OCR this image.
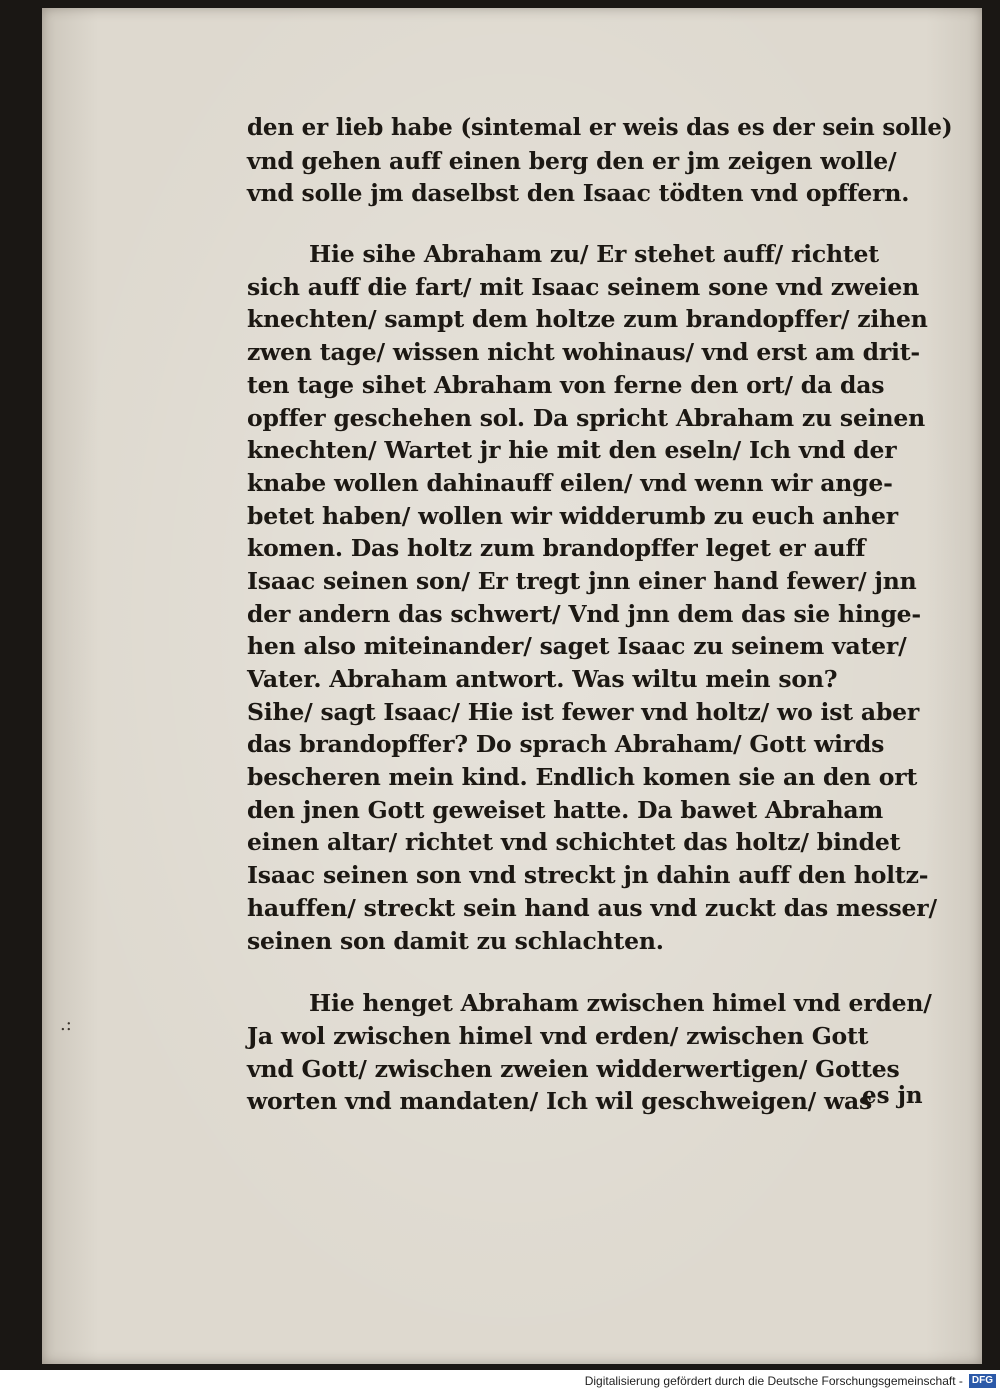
den er lieb habe (sintemal er weis das es der sein solle)
vnd gehen auff einen berg den er jm zeigen wolle/
vnd solle jm daselbst den Isaac tödten vnd opffern.
Hie sihe Abraham zu/ Er stehet auff/ richtet
sich auff die fart/ mit Isaac seinem sone vnd zweien
knechten/ sampt dem holtze zum brandopffer/ zihen
zwen tage/ wissen nicht wohinaus/ vnd erst am drit-
ten tage sihet Abraham von ferne den ort/ da das
opffer geschehen sol. Da spricht Abraham zu seinen
knechten/ Wartet jr hie mit den eseln/ Ich vnd der
knabe wollen dahinauff eilen/ vnd wenn wir ange-
betet haben/ wollen wir widderumb zu euch anher
komen. Das holtz zum brandopffer leget er auff
Isaac seinen son/ Er tregt jnn einer hand fewer/ jnn
der andern das schwert/ Vnd jnn dem das sie hinge-
hen also miteinander/ saget Isaac zu seinem vater/
Vater. Abraham antwort. Was wiltu mein son?
Sihe/ sagt Isaac/ Hie ist fewer vnd holtz/ wo ist aber
das brandopffer? Do sprach Abraham/ Gott wirds
bescheren mein kind. Endlich komen sie an den ort
den jnen Gott geweiset hatte. Da bawet Abraham
einen altar/ richtet vnd schichtet das holtz/ bindet
Isaac seinen son vnd streckt jn dahin auff den holtz-
hauffen/ streckt sein hand aus vnd zuckt das messer/
seinen son damit zu schlachten.
Hie henget Abraham zwischen himel vnd erden/
Ja wol zwischen himel vnd erden/ zwischen Gott
vnd Gott/ zwischen zweien widderwertigen/ Gottes
worten vnd mandaten/ Ich wil geschweigen/ was
es jn
.:
Digitalisierung gefördert durch die Deutsche Forschungsgemeinschaft - DFG
